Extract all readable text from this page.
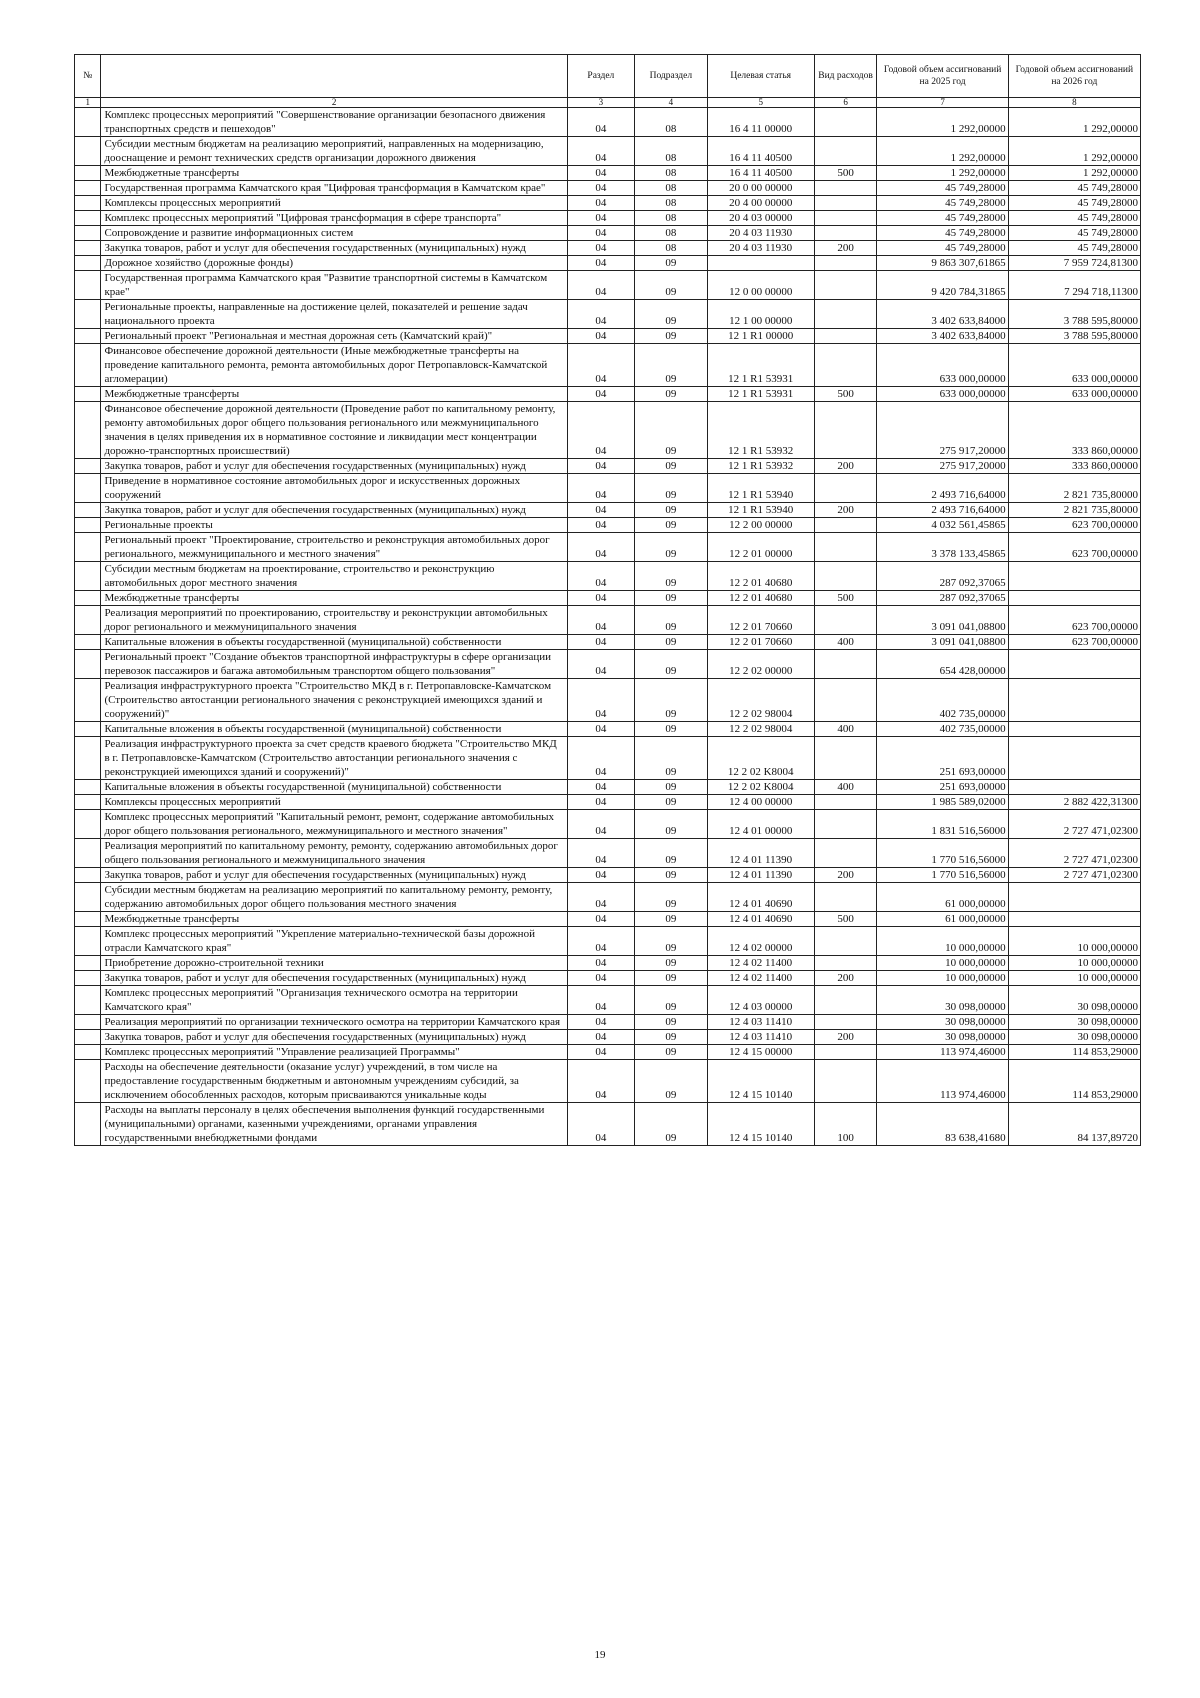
№		Раздел	Подраздел	Целевая статья	Вид расходов	Годовой объем ассигнований на 2025 год	Годовой объем ассигнований на 2026 год
1	2	3	4	5	6	7	8
	Комплекс процессных мероприятий "Совершенствование организации безопасного движения транспортных средств и пешеходов"	04	08	16 4 11 00000		1 292,00000	1 292,00000
	Субсидии местным бюджетам на реализацию мероприятий, направленных на модернизацию, дооснащение и ремонт технических средств организации дорожного движения	04	08	16 4 11 40500		1 292,00000	1 292,00000
	Межбюджетные трансферты	04	08	16 4 11 40500	500	1 292,00000	1 292,00000
	Государственная программа Камчатского края "Цифровая трансформация в Камчатском крае"	04	08	20 0 00 00000		45 749,28000	45 749,28000
	Комплексы процессных мероприятий	04	08	20 4 00 00000		45 749,28000	45 749,28000
	Комплекс процессных мероприятий "Цифровая трансформация в сфере транспорта"	04	08	20 4 03 00000		45 749,28000	45 749,28000
	Сопровождение и развитие информационных систем	04	08	20 4 03 11930		45 749,28000	45 749,28000
	Закупка товаров, работ и услуг для обеспечения государственных (муниципальных) нужд	04	08	20 4 03 11930	200	45 749,28000	45 749,28000
	Дорожное хозяйство (дорожные фонды)	04	09			9 863 307,61865	7 959 724,81300
	Государственная программа Камчатского края "Развитие транспортной системы в Камчатском крае"	04	09	12 0 00 00000		9 420 784,31865	7 294 718,11300
	Региональные проекты, направленные на достижение целей, показателей и решение задач национального проекта	04	09	12 1 00 00000		3 402 633,84000	3 788 595,80000
	Региональный проект "Региональная и местная дорожная сеть (Камчатский край)"	04	09	12 1 R1 00000		3 402 633,84000	3 788 595,80000
	Финансовое обеспечение дорожной деятельности (Иные межбюджетные трансферты на проведение капитального ремонта, ремонта автомобильных дорог Петропавловск-Камчатской агломерации)	04	09	12 1 R1 53931		633 000,00000	633 000,00000
	Межбюджетные трансферты	04	09	12 1 R1 53931	500	633 000,00000	633 000,00000
	Финансовое обеспечение дорожной деятельности (Проведение работ по капитальному ремонту, ремонту автомобильных дорог общего пользования регионального или межмуниципального значения в целях приведения их в нормативное состояние и ликвидации мест концентрации дорожно-транспортных происшествий)	04	09	12 1 R1 53932		275 917,20000	333 860,00000
	Закупка товаров, работ и услуг для обеспечения государственных (муниципальных) нужд	04	09	12 1 R1 53932	200	275 917,20000	333 860,00000
	Приведение в нормативное состояние автомобильных дорог и искусственных дорожных сооружений	04	09	12 1 R1 53940		2 493 716,64000	2 821 735,80000
	Закупка товаров, работ и услуг для обеспечения государственных (муниципальных) нужд	04	09	12 1 R1 53940	200	2 493 716,64000	2 821 735,80000
	Региональные проекты	04	09	12 2 00 00000		4 032 561,45865	623 700,00000
	Региональный проект "Проектирование, строительство и реконструкция автомобильных дорог регионального, межмуниципального и местного значения"	04	09	12 2 01 00000		3 378 133,45865	623 700,00000
	Субсидии местным бюджетам на проектирование, строительство и реконструкцию автомобильных дорог местного значения	04	09	12 2 01 40680		287 092,37065	
	Межбюджетные трансферты	04	09	12 2 01 40680	500	287 092,37065	
	Реализация мероприятий по проектированию, строительству и реконструкции автомобильных дорог регионального и межмуниципального значения	04	09	12 2 01 70660		3 091 041,08800	623 700,00000
	Капитальные вложения в объекты государственной (муниципальной) собственности	04	09	12 2 01 70660	400	3 091 041,08800	623 700,00000
	Региональный проект "Создание объектов транспортной инфраструктуры в сфере организации перевозок пассажиров и багажа автомобильным транспортом общего пользования"	04	09	12 2 02 00000		654 428,00000	
	Реализация инфраструктурного проекта "Строительство МКД в г. Петропавловске-Камчатском (Строительство автостанции регионального значения с реконструкцией имеющихся зданий и сооружений)"	04	09	12 2 02 98004		402 735,00000	
	Капитальные вложения в объекты государственной (муниципальной) собственности	04	09	12 2 02 98004	400	402 735,00000	
	Реализация инфраструктурного проекта за счет средств краевого бюджета "Строительство МКД в г. Петропавловске-Камчатском (Строительство автостанции регионального значения с реконструкцией имеющихся зданий и сооружений)"	04	09	12 2 02 K8004		251 693,00000	
	Капитальные вложения в объекты государственной (муниципальной) собственности	04	09	12 2 02 K8004	400	251 693,00000	
	Комплексы процессных мероприятий	04	09	12 4 00 00000		1 985 589,02000	2 882 422,31300
	Комплекс процессных мероприятий "Капитальный ремонт, ремонт, содержание автомобильных дорог общего пользования регионального, межмуниципального и местного значения"	04	09	12 4 01 00000		1 831 516,56000	2 727 471,02300
	Реализация мероприятий по капитальному ремонту, ремонту, содержанию автомобильных дорог общего пользования регионального и межмуниципального значения	04	09	12 4 01 11390		1 770 516,56000	2 727 471,02300
	Закупка товаров, работ и услуг для обеспечения государственных (муниципальных) нужд	04	09	12 4 01 11390	200	1 770 516,56000	2 727 471,02300
	Субсидии местным бюджетам на реализацию мероприятий по капитальному ремонту, ремонту, содержанию автомобильных дорог общего пользования местного значения	04	09	12 4 01 40690		61 000,00000	
	Межбюджетные трансферты	04	09	12 4 01 40690	500	61 000,00000	
	Комплекс процессных мероприятий "Укрепление материально-технической базы дорожной отрасли Камчатского края"	04	09	12 4 02 00000		10 000,00000	10 000,00000
	Приобретение дорожно-строительной техники	04	09	12 4 02 11400		10 000,00000	10 000,00000
	Закупка товаров, работ и услуг для обеспечения государственных (муниципальных) нужд	04	09	12 4 02 11400	200	10 000,00000	10 000,00000
	Комплекс процессных мероприятий "Организация технического осмотра на территории Камчатского края"	04	09	12 4 03 00000		30 098,00000	30 098,00000
	Реализация мероприятий по организации технического осмотра на территории Камчатского края	04	09	12 4 03 11410		30 098,00000	30 098,00000
	Закупка товаров, работ и услуг для обеспечения государственных (муниципальных) нужд	04	09	12 4 03 11410	200	30 098,00000	30 098,00000
	Комплекс процессных мероприятий "Управление реализацией Программы"	04	09	12 4 15 00000		113 974,46000	114 853,29000
	Расходы на обеспечение деятельности (оказание услуг) учреждений, в том числе на предоставление государственным бюджетным и автономным учреждениям субсидий, за исключением обособленных расходов, которым присваиваются уникальные коды	04	09	12 4 15 10140		113 974,46000	114 853,29000
	Расходы на выплаты персоналу в целях обеспечения выполнения функций государственными (муниципальными) органами, казенными учреждениями, органами управления государственными внебюджетными фондами	04	09	12 4 15 10140	100	83 638,41680	84 137,89720
19
